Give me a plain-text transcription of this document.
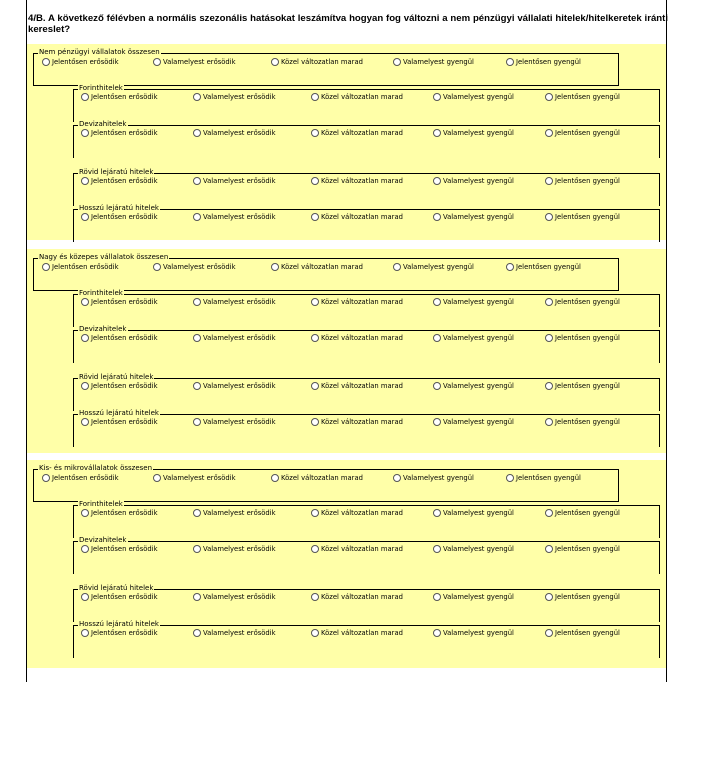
4/B. A következő félévben a normális szezonális hatásokat leszámítva hogyan fog változni a nem pénzügyi vállalati hitelek/hitelkeretek iránti kereslet?
Nem pénzügyi vállalatok összesen
Jelentősen erősödik	Valamelyest erősödik	Közel változatlan marad	Valamelyest gyengül	Jelentősen gyengül
Forinthitelek
Jelentősen erősödik	Valamelyest erősödik	Közel változatlan marad	Valamelyest gyengül	Jelentősen gyengül
Devizahitelek
Jelentősen erősödik	Valamelyest erősödik	Közel változatlan marad	Valamelyest gyengül	Jelentősen gyengül
Rövid lejáratú hitelek
Jelentősen erősödik	Valamelyest erősödik	Közel változatlan marad	Valamelyest gyengül	Jelentősen gyengül
Hosszú lejáratú hitelek
Jelentősen erősödik	Valamelyest erősödik	Közel változatlan marad	Valamelyest gyengül	Jelentősen gyengül
Nagy és közepes vállalatok összesen
Jelentősen erősödik	Valamelyest erősödik	Közel változatlan marad	Valamelyest gyengül	Jelentősen gyengül
Forinthitelek
Jelentősen erősödik	Valamelyest erősödik	Közel változatlan marad	Valamelyest gyengül	Jelentősen gyengül
Devizahitelek
Jelentősen erősödik	Valamelyest erősödik	Közel változatlan marad	Valamelyest gyengül	Jelentősen gyengül
Rövid lejáratú hitelek
Jelentősen erősödik	Valamelyest erősödik	Közel változatlan marad	Valamelyest gyengül	Jelentősen gyengül
Hosszú lejáratú hitelek
Jelentősen erősödik	Valamelyest erősödik	Közel változatlan marad	Valamelyest gyengül	Jelentősen gyengül
Kis- és mikrovállalatok összesen
Jelentősen erősödik	Valamelyest erősödik	Közel változatlan marad	Valamelyest gyengül	Jelentősen gyengül
Forinthitelek
Jelentősen erősödik	Valamelyest erősödik	Közel változatlan marad	Valamelyest gyengül	Jelentősen gyengül
Devizahitelek
Jelentősen erősödik	Valamelyest erősödik	Közel változatlan marad	Valamelyest gyengül	Jelentősen gyengül
Rövid lejáratú hitelek
Jelentősen erősödik	Valamelyest erősödik	Közel változatlan marad	Valamelyest gyengül	Jelentősen gyengül
Hosszú lejáratú hitelek
Jelentősen erősödik	Valamelyest erősödik	Közel változatlan marad	Valamelyest gyengül	Jelentősen gyengül
